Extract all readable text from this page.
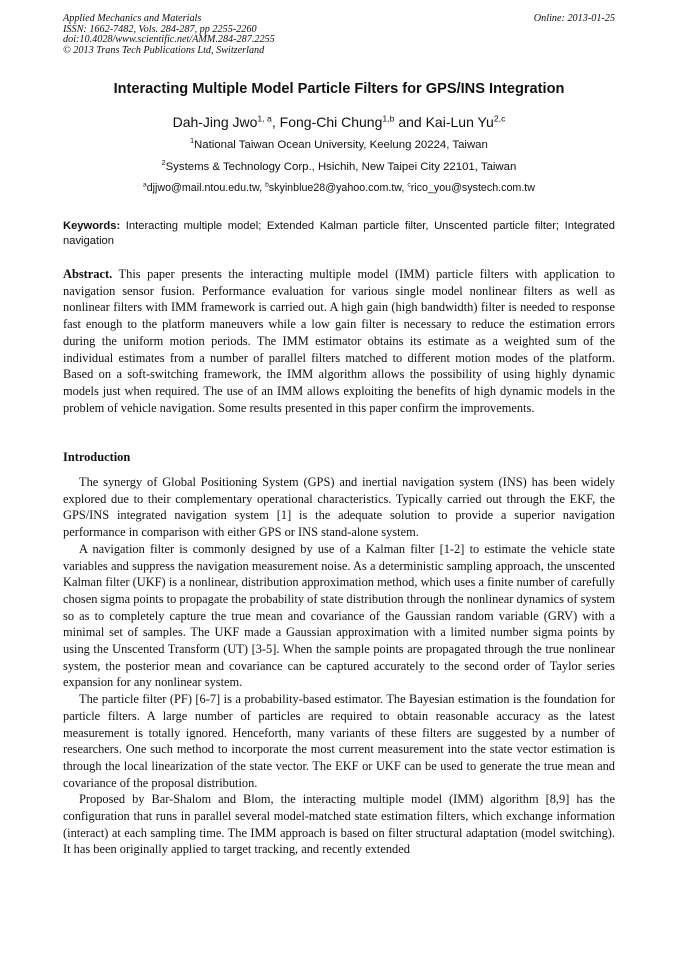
Applied Mechanics and Materials
ISSN: 1662-7482, Vols. 284-287, pp 2255-2260
doi:10.4028/www.scientific.net/AMM.284-287.2255
© 2013 Trans Tech Publications Ltd, Switzerland
Online: 2013-01-25
Interacting Multiple Model Particle Filters for GPS/INS Integration
Dah-Jing Jwo$^{1, a}$, Fong-Chi Chung$^{1,b}$ and Kai-Lun Yu$^{2,c}$
$^1$National Taiwan Ocean University, Keelung 20224, Taiwan
$^2$Systems & Technology Corp., Hsichih, New Taipei City 22101, Taiwan
$^a$djjwo@mail.ntou.edu.tw, $^b$skyinblue28@yahoo.com.tw, $^c$rico_you@systech.com.tw
Keywords: Interacting multiple model; Extended Kalman particle filter, Unscented particle filter; Integrated navigation

Abstract. This paper presents the interacting multiple model (IMM) particle filters with application to navigation sensor fusion. Performance evaluation for various single model nonlinear filters as well as nonlinear filters with IMM framework is carried out. A high gain (high bandwidth) filter is needed to response fast enough to the platform maneuvers while a low gain filter is necessary to reduce the estimation errors during the uniform motion periods. The IMM estimator obtains its estimate as a weighted sum of the individual estimates from a number of parallel filters matched to different motion modes of the platform. Based on a soft-switching framework, the IMM algorithm allows the possibility of using highly dynamic models just when required. The use of an IMM allows exploiting the benefits of high dynamic models in the problem of vehicle navigation. Some results presented in this paper confirm the improvements.

Introduction

The synergy of Global Positioning System (GPS) and inertial navigation system (INS) has been widely explored due to their complementary operational characteristics. Typically carried out through the EKF, the GPS/INS integrated navigation system [1] is the adequate solution to provide a superior navigation performance in comparison with either GPS or INS stand-alone system.

A navigation filter is commonly designed by use of a Kalman filter [1-2] to estimate the vehicle state variables and suppress the navigation measurement noise. As a deterministic sampling approach, the unscented Kalman filter (UKF) is a nonlinear, distribution approximation method, which uses a finite number of carefully chosen sigma points to propagate the probability of state distribution through the nonlinear dynamics of system so as to completely capture the true mean and covariance of the Gaussian random variable (GRV) with a minimal set of samples. The UKF made a Gaussian approximation with a limited number sigma points by using the Unscented Transform (UT) [3-5]. When the sample points are propagated through the true nonlinear system, the posterior mean and covariance can be captured accurately to the second order of Taylor series expansion for any nonlinear system.

The particle filter (PF) [6-7] is a probability-based estimator. The Bayesian estimation is the foundation for particle filters. A large number of particles are required to obtain reasonable accuracy as the latest measurement is totally ignored. Henceforth, many variants of these filters are suggested by a number of researchers. One such method to incorporate the most current measurement into the state vector estimation is through the local linearization of the state vector. The EKF or UKF can be used to generate the true mean and covariance of the proposal distribution.

Proposed by Bar-Shalom and Blom, the interacting multiple model (IMM) algorithm [8,9] has the configuration that runs in parallel several model-matched state estimation filters, which exchange information (interact) at each sampling time. The IMM approach is based on filter structural adaptation (model switching). It has been originally applied to target tracking, and recently extended
